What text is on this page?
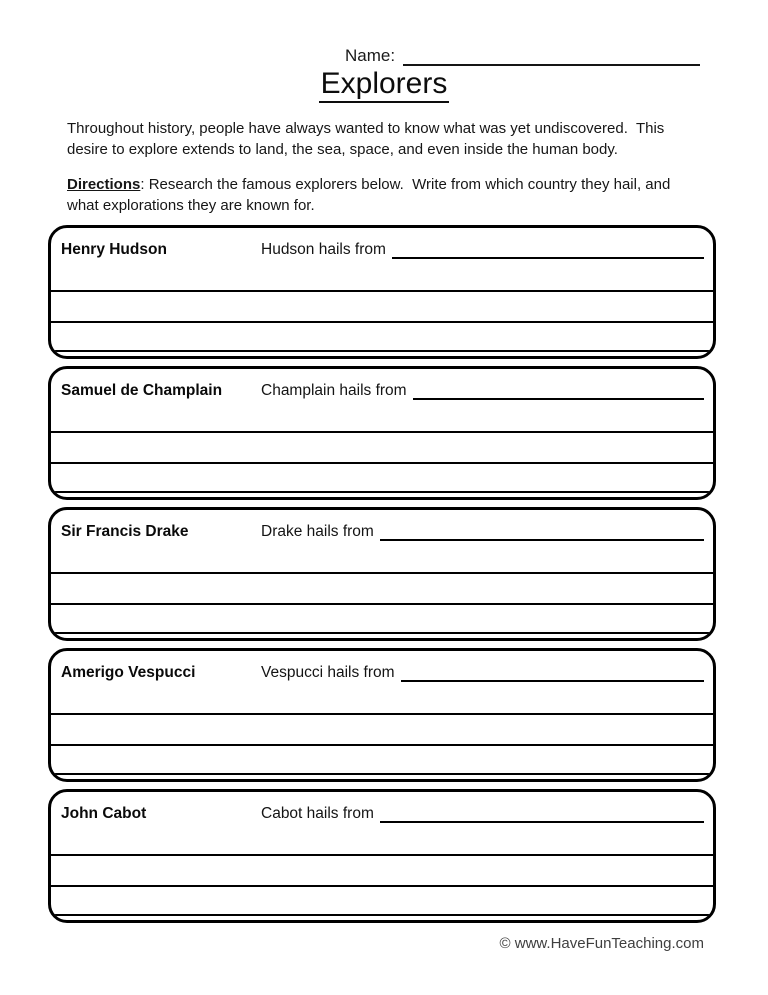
Name:
Explorers

Throughout history, people have always wanted to know what was yet undiscovered.  This desire to explore extends to land, the sea, space, and even inside the human body.

Directions: Research the famous explorers below.  Write from which country they hail, and what explorations they are known for.

Henry Hudson	Hudson hails from
Samuel de Champlain	Champlain hails from
Sir Francis Drake	Drake hails from
Amerigo Vespucci	Vespucci hails from
John Cabot	Cabot hails from
© www.HaveFunTeaching.com
